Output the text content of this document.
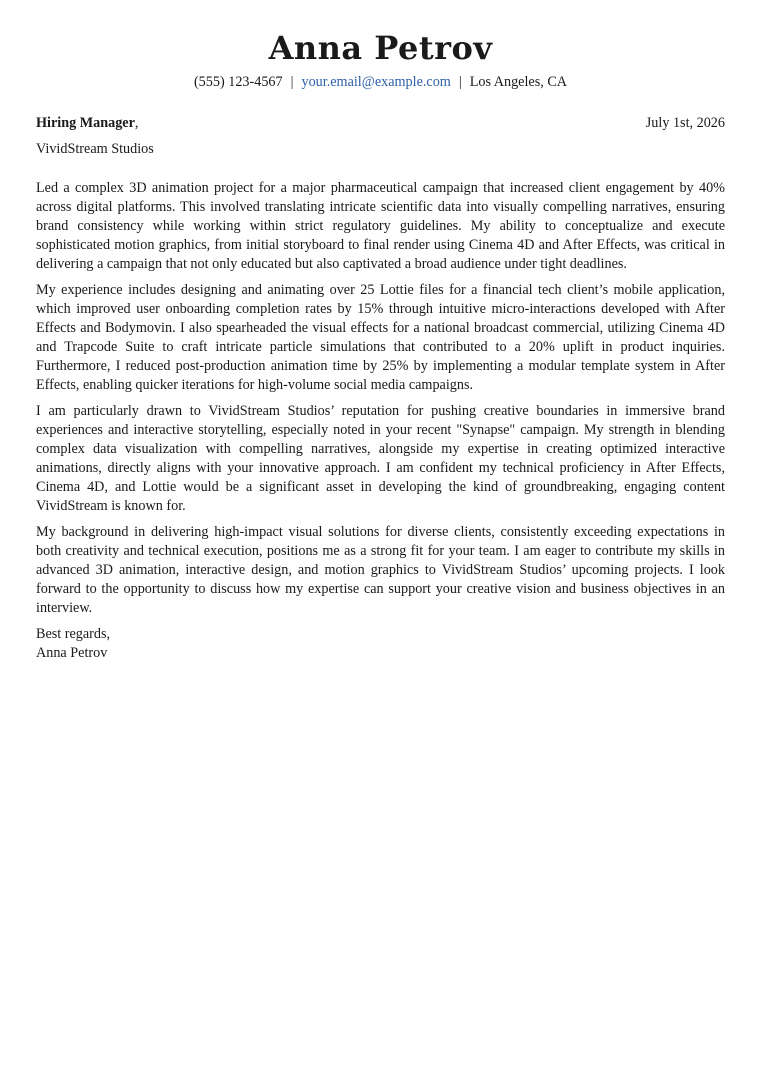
Anna Petrov
(555) 123-4567 | your.email@example.com | Los Angeles, CA
Hiring Manager,	July 1st, 2026
VividStream Studios

Led a complex 3D animation project for a major pharmaceutical campaign that increased client engagement by 40% across digital platforms. This involved translating intricate scientific data into visually compelling narratives, ensuring brand consistency while working within strict regulatory guidelines. My ability to conceptualize and execute sophisticated motion graphics, from initial storyboard to final render using Cinema 4D and After Effects, was critical in delivering a campaign that not only educated but also captivated a broad audience under tight deadlines.

My experience includes designing and animating over 25 Lottie files for a financial tech client’s mobile application, which improved user onboarding completion rates by 15% through intuitive micro-interactions developed with After Effects and Bodymovin. I also spearheaded the visual effects for a national broadcast commercial, utilizing Cinema 4D and Trapcode Suite to craft intricate particle simulations that contributed to a 20% uplift in product inquiries. Furthermore, I reduced post-production animation time by 25% by implementing a modular template system in After Effects, enabling quicker iterations for high-volume social media campaigns.

I am particularly drawn to VividStream Studios’ reputation for pushing creative boundaries in immersive brand experiences and interactive storytelling, especially noted in your recent "Synapse" campaign. My strength in blending complex data visualization with compelling narratives, alongside my expertise in creating optimized interactive animations, directly aligns with your innovative approach. I am confident my technical proficiency in After Effects, Cinema 4D, and Lottie would be a significant asset in developing the kind of groundbreaking, engaging content VividStream is known for.

My background in delivering high-impact visual solutions for diverse clients, consistently exceeding expectations in both creativity and technical execution, positions me as a strong fit for your team. I am eager to contribute my skills in advanced 3D animation, interactive design, and motion graphics to VividStream Studios’ upcoming projects. I look forward to the opportunity to discuss how my expertise can support your creative vision and business objectives in an interview.

Best regards,
Anna Petrov
